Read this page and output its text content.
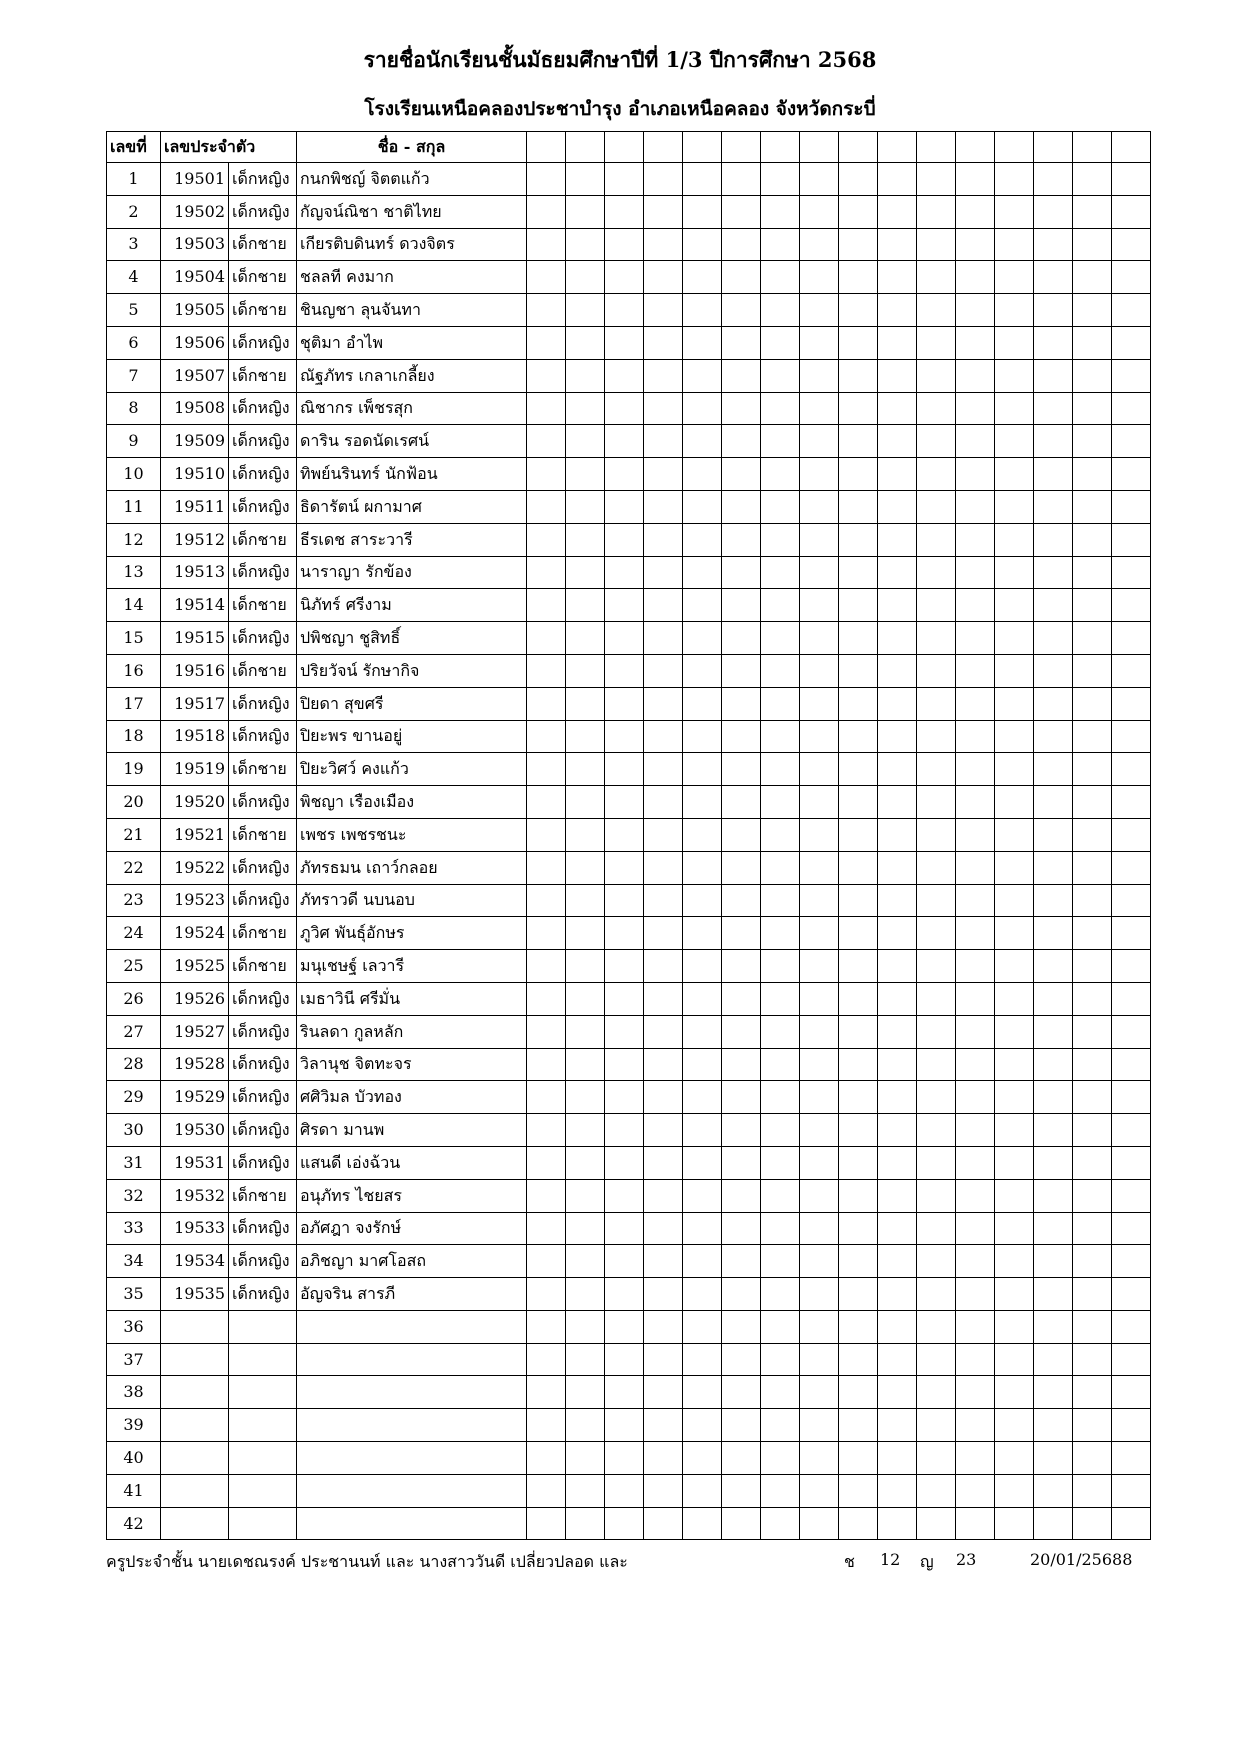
รายชื่อนักเรียนชั้นมัธยมศึกษาปีที่ 1/3 ปีการศึกษา 2568
โรงเรียนเหนือคลองประชาบำรุง อำเภอเหนือคลอง จังหวัดกระบี่
เลขที่	เลขประจำตัว		ชื่อ - สกุล																
1	19501	เด็กหญิง	กนกพิชญ์ จิตตแก้ว																
2	19502	เด็กหญิง	กัญจน์ณิชา ชาติไทย																
3	19503	เด็กชาย	เกียรติบดินทร์ ดวงจิตร																
4	19504	เด็กชาย	ชลลที คงมาก																
5	19505	เด็กชาย	ชินญชา ลุนจันทา																
6	19506	เด็กหญิง	ชุติมา อำไพ																
7	19507	เด็กชาย	ณัฐภัทร เกลาเกลี้ยง																
8	19508	เด็กหญิง	ณิชากร เพ็ชรสุก																
9	19509	เด็กหญิง	ดาริน รอดนัดเรศน์																
10	19510	เด็กหญิง	ทิพย์นรินทร์ นักฟ้อน																
11	19511	เด็กหญิง	ธิดารัตน์ ผกามาศ																
12	19512	เด็กชาย	ธีรเดช สาระวารี																
13	19513	เด็กหญิง	นาราญา รักข้อง																
14	19514	เด็กชาย	นิภัทร์ ศรีงาม																
15	19515	เด็กหญิง	ปพิชญา ชูสิทธิ์																
16	19516	เด็กชาย	ปริยวัจน์ รักษากิจ																
17	19517	เด็กหญิง	ปิยดา สุขศรี																
18	19518	เด็กหญิง	ปิยะพร ขานอยู่																
19	19519	เด็กชาย	ปิยะวิศว์ คงแก้ว																
20	19520	เด็กหญิง	พิชญา เรืองเมือง																
21	19521	เด็กชาย	เพชร เพชรชนะ																
22	19522	เด็กหญิง	ภัทรธมน เถาว์กลอย																
23	19523	เด็กหญิง	ภัทราวดี นบนอบ																
24	19524	เด็กชาย	ภูวิศ พันธุ์อักษร																
25	19525	เด็กชาย	มนุเชษฐ์ เลวารี																
26	19526	เด็กหญิง	เมธาวินี ศรีมั่น																
27	19527	เด็กหญิง	รินลดา กูลหลัก																
28	19528	เด็กหญิง	วิลานุช จิตทะจร																
29	19529	เด็กหญิง	ศศิวิมล บัวทอง																
30	19530	เด็กหญิง	ศิรดา มานพ																
31	19531	เด็กหญิง	แสนดี เอ่งฉ้วน																
32	19532	เด็กชาย	อนุภัทร ไชยสร																
33	19533	เด็กหญิง	อภัศฎา จงรักษ์																
34	19534	เด็กหญิง	อภิชญา มาศโอสถ																
35	19535	เด็กหญิง	อัญจริน สารภี																
36																			
37																			
38																			
39																			
40																			
41																			
42																			
ครูประจำชั้น นายเดชณรงค์ ประชานนท์ และ นางสาววันดี เปลี่ยวปลอด และ	ช 12 ญ 23	20/01/25688
